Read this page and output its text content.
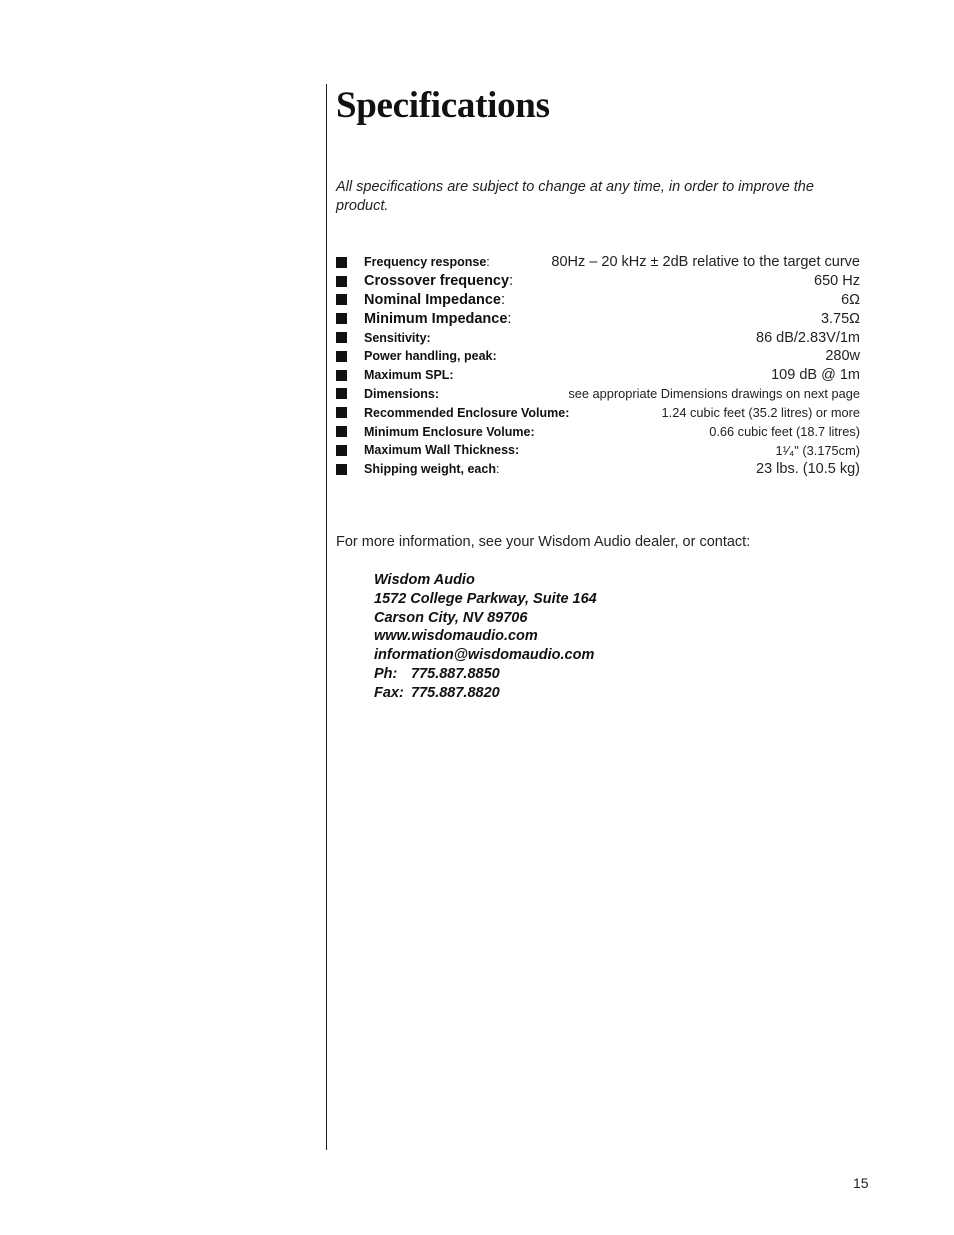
Specifications

All specifications are subject to change at any time, in order to improve the product.

Frequency response:	80Hz – 20 kHz ± 2dB relative to the target curve
Crossover frequency:	650 Hz
Nominal Impedance:	6Ω
Minimum Impedance:	3.75Ω
Sensitivity:	86 dB/2.83V/1m
Power handling, peak:	280w
Maximum SPL:	109 dB @ 1m
Dimensions:	see appropriate Dimensions drawings on next page
Recommended Enclosure Volume:	1.24 cubic feet (35.2 litres) or more
Minimum Enclosure Volume:	0.66 cubic feet (18.7 litres)
Maximum Wall Thickness:	1¹⁄₄" (3.175cm)
Shipping weight, each:	23 lbs. (10.5 kg)

For more information, see your Wisdom Audio dealer, or contact:

Wisdom Audio
1572 College Parkway, Suite 164
Carson City, NV 89706
www.wisdomaudio.com
information@wisdomaudio.com
Ph: 775.887.8850
Fax: 775.887.8820
15
